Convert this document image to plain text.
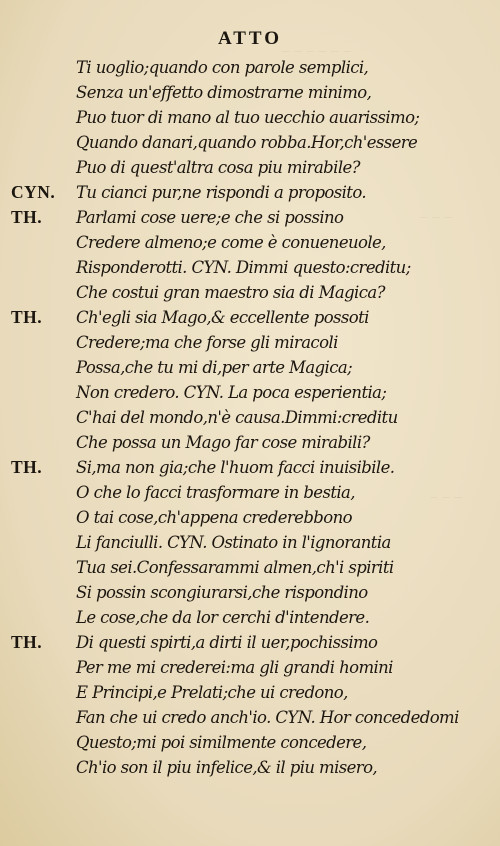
_ _ _ _ _ _
_ _ _
_ _ _
ATTO
Ti uoglio;quando con parole semplici,
Senza un'effetto dimostrarne minimo,
Puo tuor di mano al tuo uecchio auarissimo;
Quando danari,quando robba.Hor,ch'essere
Puo di quest'altra cosa piu mirabile?
CYN. Tu cianci pur,ne rispondi a proposito.
TH. Parlami cose uere;e che si possino
Credere almeno;e come è conueneuole,
Risponderotti. CYN. Dimmi questo:creditu;
Che costui gran maestro sia di Magica?
TH. Ch'egli sia Mago,& eccellente possoti
Credere;ma che forse gli miracoli
Possa,che tu mi di,per arte Magica;
Non credero. CYN. La poca esperientia;
C'hai del mondo,n'è causa.Dimmi:creditu
Che possa un Mago far cose mirabili?
TH. Si,ma non gia;che l'huom facci inuisibile.
O che lo facci trasformare in bestia,
O tai cose,ch'appena crederebbono
Li fanciulli. CYN. Ostinato in l'ignorantia
Tua sei.Confessarammi almen,ch'i spiriti
Si possin scongiurarsi,che rispondino
Le cose,che da lor cerchi d'intendere.
TH. Di questi spirti,a dirti il uer,pochissimo
Per me mi crederei:ma gli grandi homini
E Principi,e Prelati;che ui credono,
Fan che ui credo anch'io. CYN. Hor concededomi
Questo;mi poi similmente concedere,
Ch'io son il piu infelice,& il piu misero,
